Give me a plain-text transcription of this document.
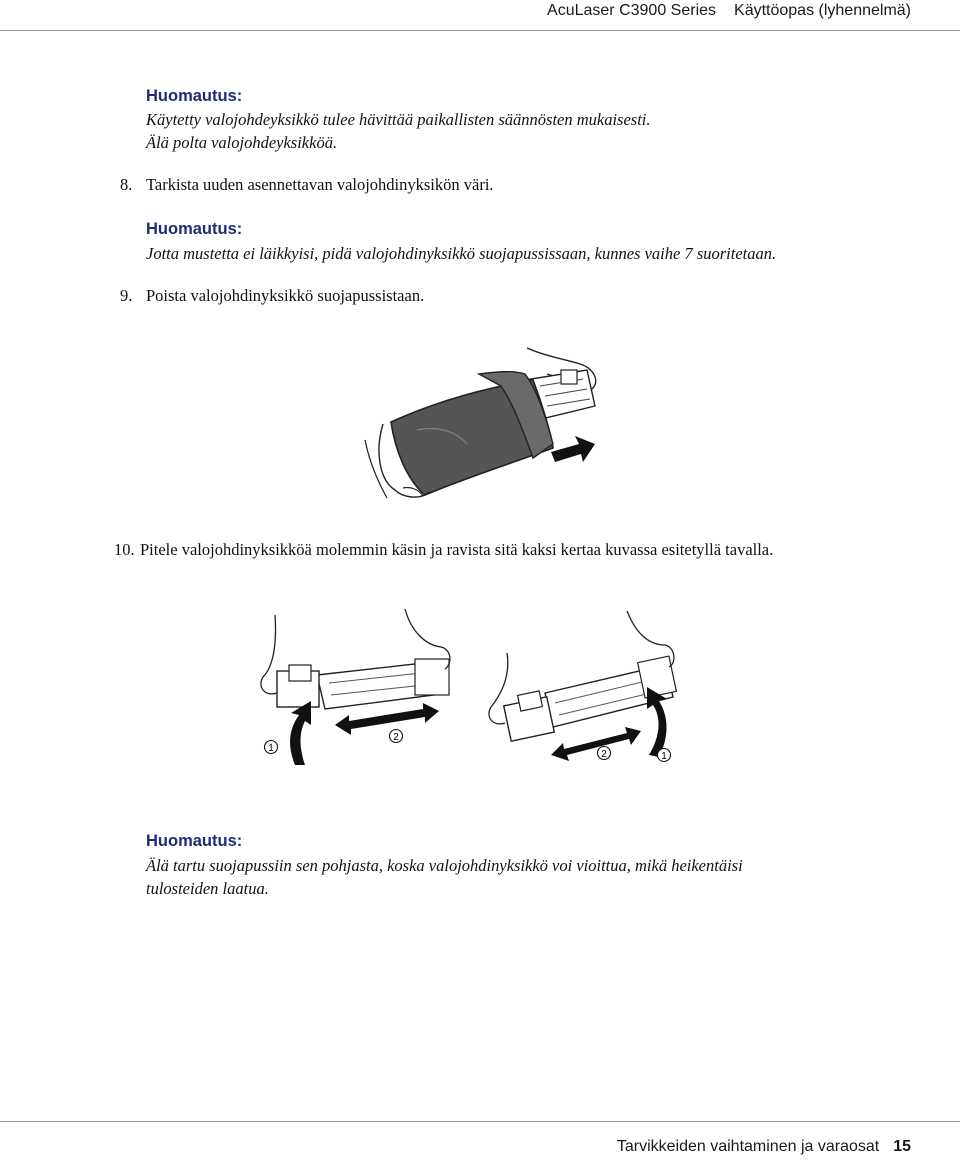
AcuLaser C3900 Series Käyttöopas (lyhennelmä)
Huomautus:
Käytetty valojohdeyksikkö tulee hävittää paikallisten säännösten mukaisesti.
Älä polta valojohdeyksikköä.
8. Tarkista uuden asennettavan valojohdinyksikön väri.
Huomautus:
Jotta mustetta ei läikkyisi, pidä valojohdinyksikkö suojapussissaan, kunnes vaihe 7 suoritetaan.
9. Poista valojohdinyksikkö suojapussistaan.
10. Pitele valojohdinyksikköä molemmin käsin ja ravista sitä kaksi kertaa kuvassa esitetyllä tavalla.
1
2
2	1
Huomautus:
Älä tartu suojapussiin sen pohjasta, koska valojohdinyksikkö voi vioittua, mikä heikentäisi
tulosteiden laatua.
Tarvikkeiden vaihtaminen ja varaosat 15
